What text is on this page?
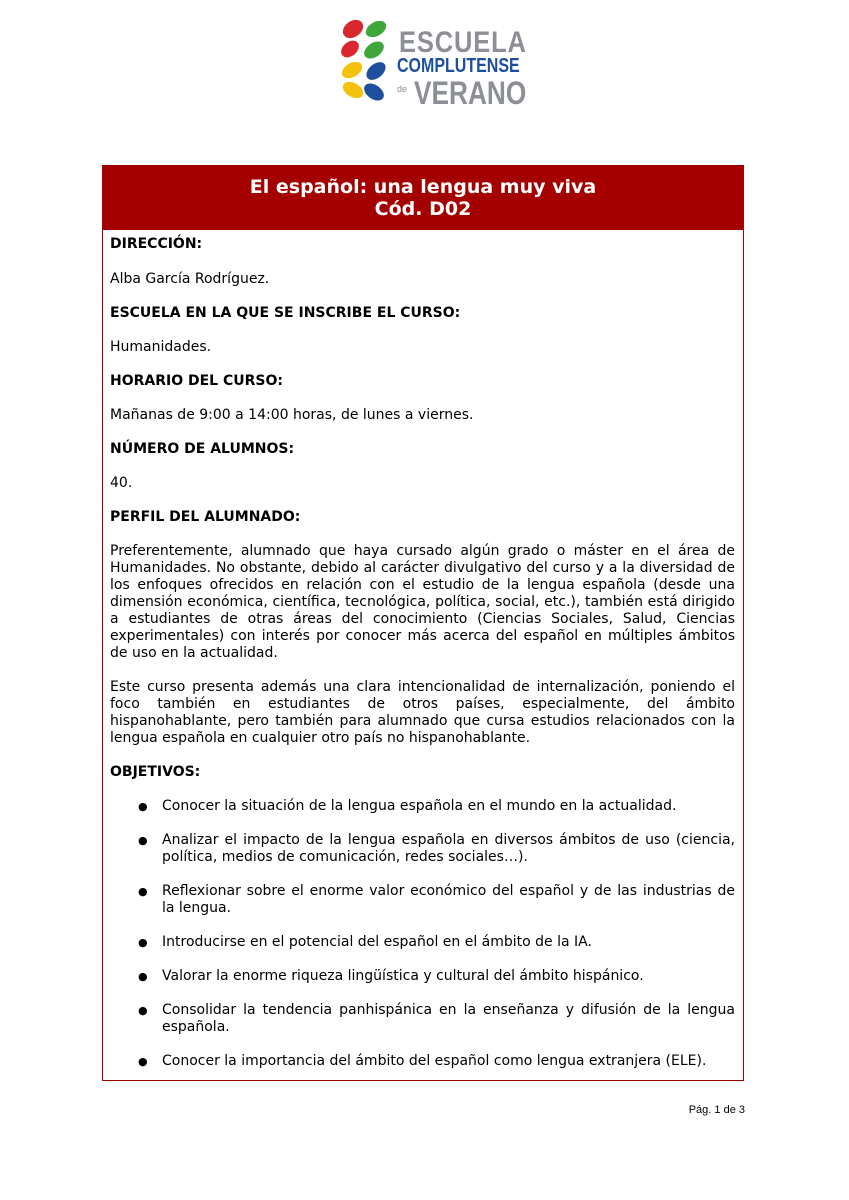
ESCUELA
COMPLUTENSE
de VERANO
El español: una lengua muy viva
Cód. D02

DIRECCIÓN:

Alba García Rodríguez.

ESCUELA EN LA QUE SE INSCRIBE EL CURSO:

Humanidades.

HORARIO DEL CURSO:

Mañanas de 9:00 a 14:00 horas, de lunes a viernes.

NÚMERO DE ALUMNOS:

40.

PERFIL DEL ALUMNADO:

Preferentemente, alumnado que haya cursado algún grado o máster en el área de Humanidades. No obstante, debido al carácter divulgativo del curso y a la diversidad de los enfoques ofrecidos en relación con el estudio de la lengua española (desde una dimensión económica, científica, tecnológica, política, social, etc.), también está dirigido a estudiantes de otras áreas del conocimiento (Ciencias Sociales, Salud, Ciencias experimentales) con interés por conocer más acerca del español en múltiples ámbitos de uso en la actualidad.

Este curso presenta además una clara intencionalidad de internalización, poniendo el foco también en estudiantes de otros países, especialmente, del ámbito hispanohablante, pero también para alumnado que cursa estudios relacionados con la lengua española en cualquier otro país no hispanohablante.

OBJETIVOS:

● Conocer la situación de la lengua española en el mundo en la actualidad.
● Analizar el impacto de la lengua española en diversos ámbitos de uso (ciencia, política, medios de comunicación, redes sociales…).
● Reflexionar sobre el enorme valor económico del español y de las industrias de la lengua.
● Introducirse en el potencial del español en el ámbito de la IA.
● Valorar la enorme riqueza lingüística y cultural del ámbito hispánico.
● Consolidar la tendencia panhispánica en la enseñanza y difusión de la lengua española.
● Conocer la importancia del ámbito del español como lengua extranjera (ELE).
Pág. 1 de 3
